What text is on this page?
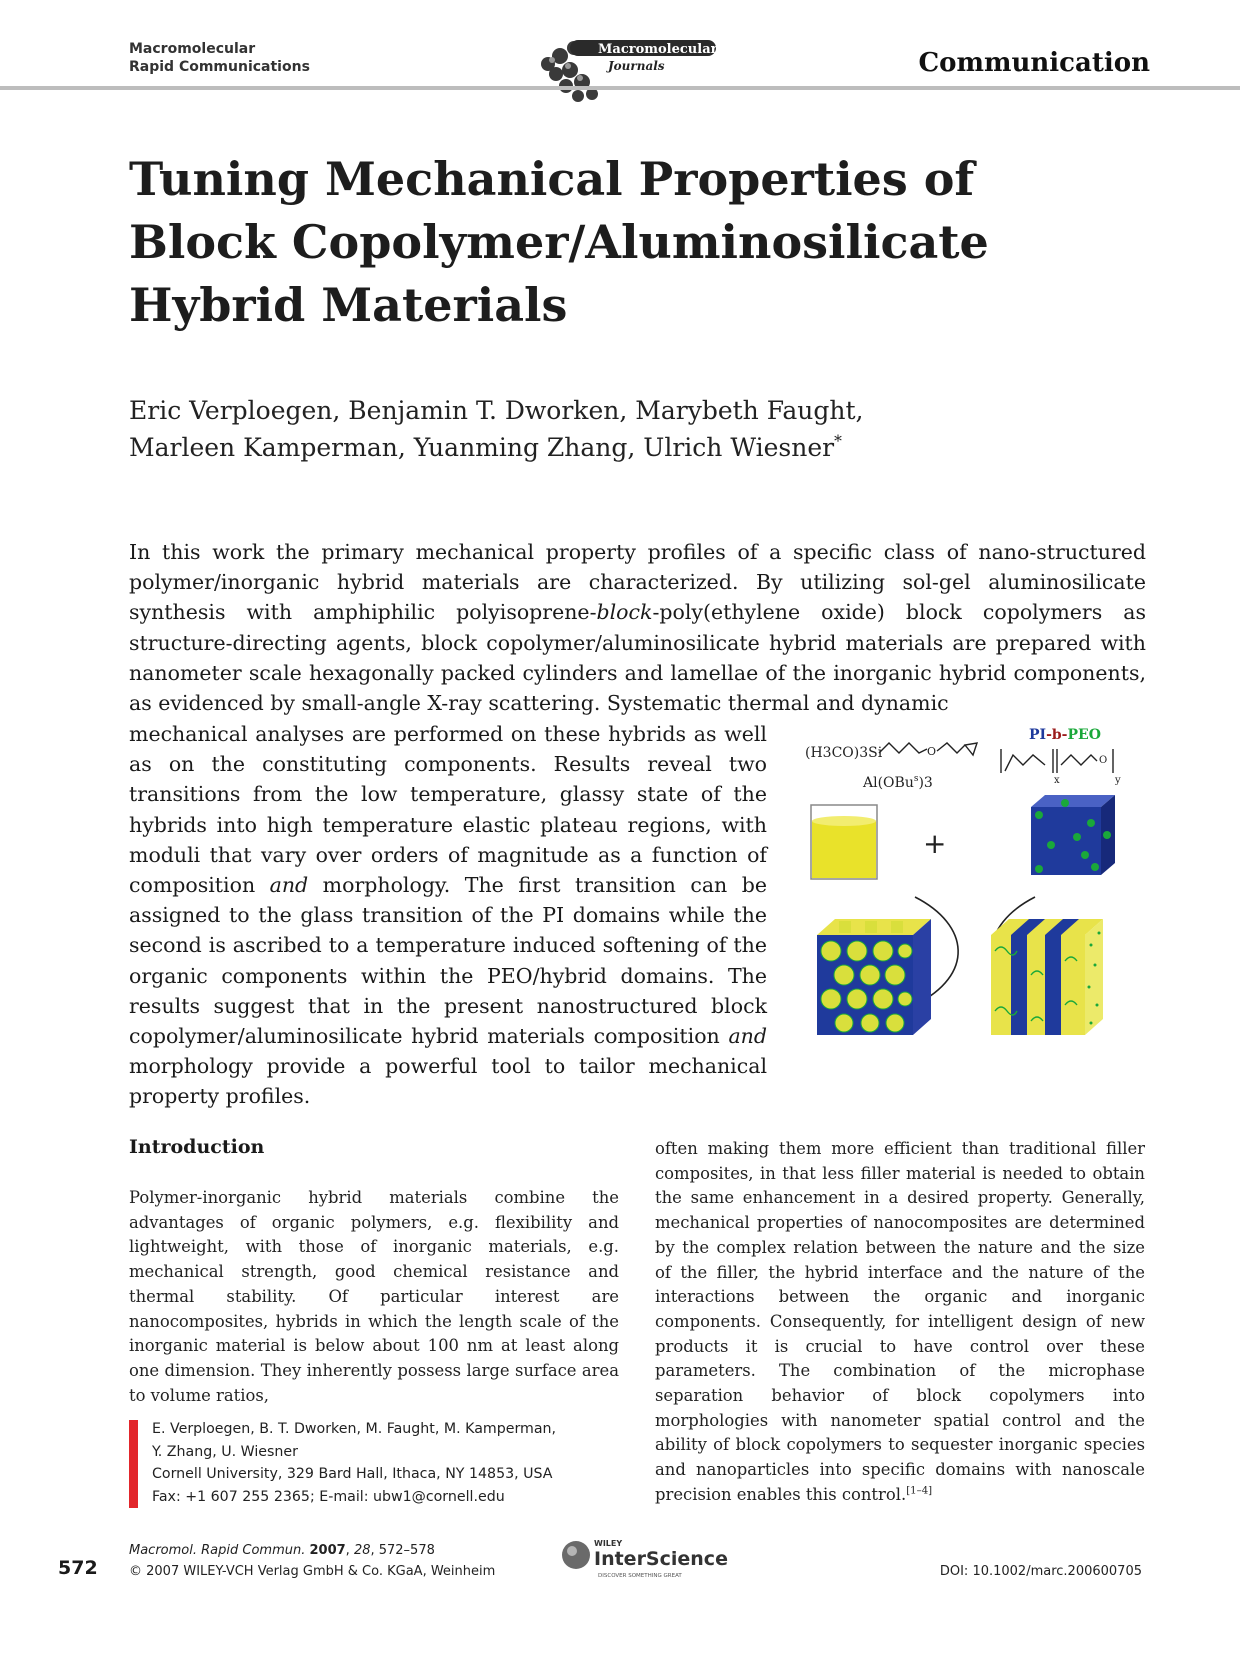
Macromolecular
Rapid Communications
Macromolecular
Journals	Communication
Tuning Mechanical Properties of Block Copolymer/Aluminosilicate Hybrid Materials
Eric Verploegen, Benjamin T. Dworken, Marybeth Faught,
Marleen Kamperman, Yuanming Zhang, Ulrich Wiesner*
In this work the primary mechanical property profiles of a specific class of nano-structured polymer/inorganic hybrid materials are characterized. By utilizing sol-gel aluminosilicate synthesis with amphiphilic polyisoprene-block-poly(ethylene oxide) block copolymers as structure-directing agents, block copolymer/aluminosilicate hybrid materials are prepared with nanometer scale hexagonally packed cylinders and lamellae of the inorganic hybrid components, as evidenced by small-angle X-ray scattering. Systematic thermal and dynamic
mechanical analyses are performed on these hybrids as well as on the constituting components. Results reveal two transitions from the low temperature, glassy state of the hybrids into high temperature elastic plateau regions, with moduli that vary over orders of magnitude as a function of composition and morphology. The first transition can be assigned to the glass transition of the PI domains while the second is ascribed to a temperature induced softening of the organic components within the PEO/hybrid domains. The results suggest that in the present nanostructured block copolymer/aluminosilicate hybrid materials composition and morphology provide a powerful tool to tailor mechanical property profiles.
(H3CO)3Si	O
Al(OBu$^s$)3
+
PI-b-PEO
O
x	y
Introduction
Polymer-inorganic hybrid materials combine the advantages of organic polymers, e.g. flexibility and lightweight, with those of inorganic materials, e.g. mechanical strength, good chemical resistance and thermal stability. Of particular interest are nanocomposites, hybrids in which the length scale of the inorganic material is below about 100 nm at least along one dimension. They inherently possess large surface area to volume ratios,
often making them more efficient than traditional filler composites, in that less filler material is needed to obtain the same enhancement in a desired property. Generally, mechanical properties of nanocomposites are determined by the complex relation between the nature and the size of the filler, the hybrid interface and the nature of the interactions between the organic and inorganic components. Consequently, for intelligent design of new products it is crucial to have control over these parameters. The combination of the microphase separation behavior of block copolymers into morphologies with nanometer spatial control and the ability of block copolymers to sequester inorganic species and nanoparticles into specific domains with nanoscale precision enables this control.[1–4]
E. Verploegen, B. T. Dworken, M. Faught, M. Kamperman,
Y. Zhang, U. Wiesner
Cornell University, 329 Bard Hall, Ithaca, NY 14853, USA
Fax: +1 607 255 2365; E-mail: ubw1@cornell.edu
572
Macromol. Rapid Commun. 2007, 28, 572–578
© 2007 WILEY-VCH Verlag GmbH & Co. KGaA, Weinheim
WILEY
InterScience
DISCOVER SOMETHING GREAT	DOI: 10.1002/marc.200600705
